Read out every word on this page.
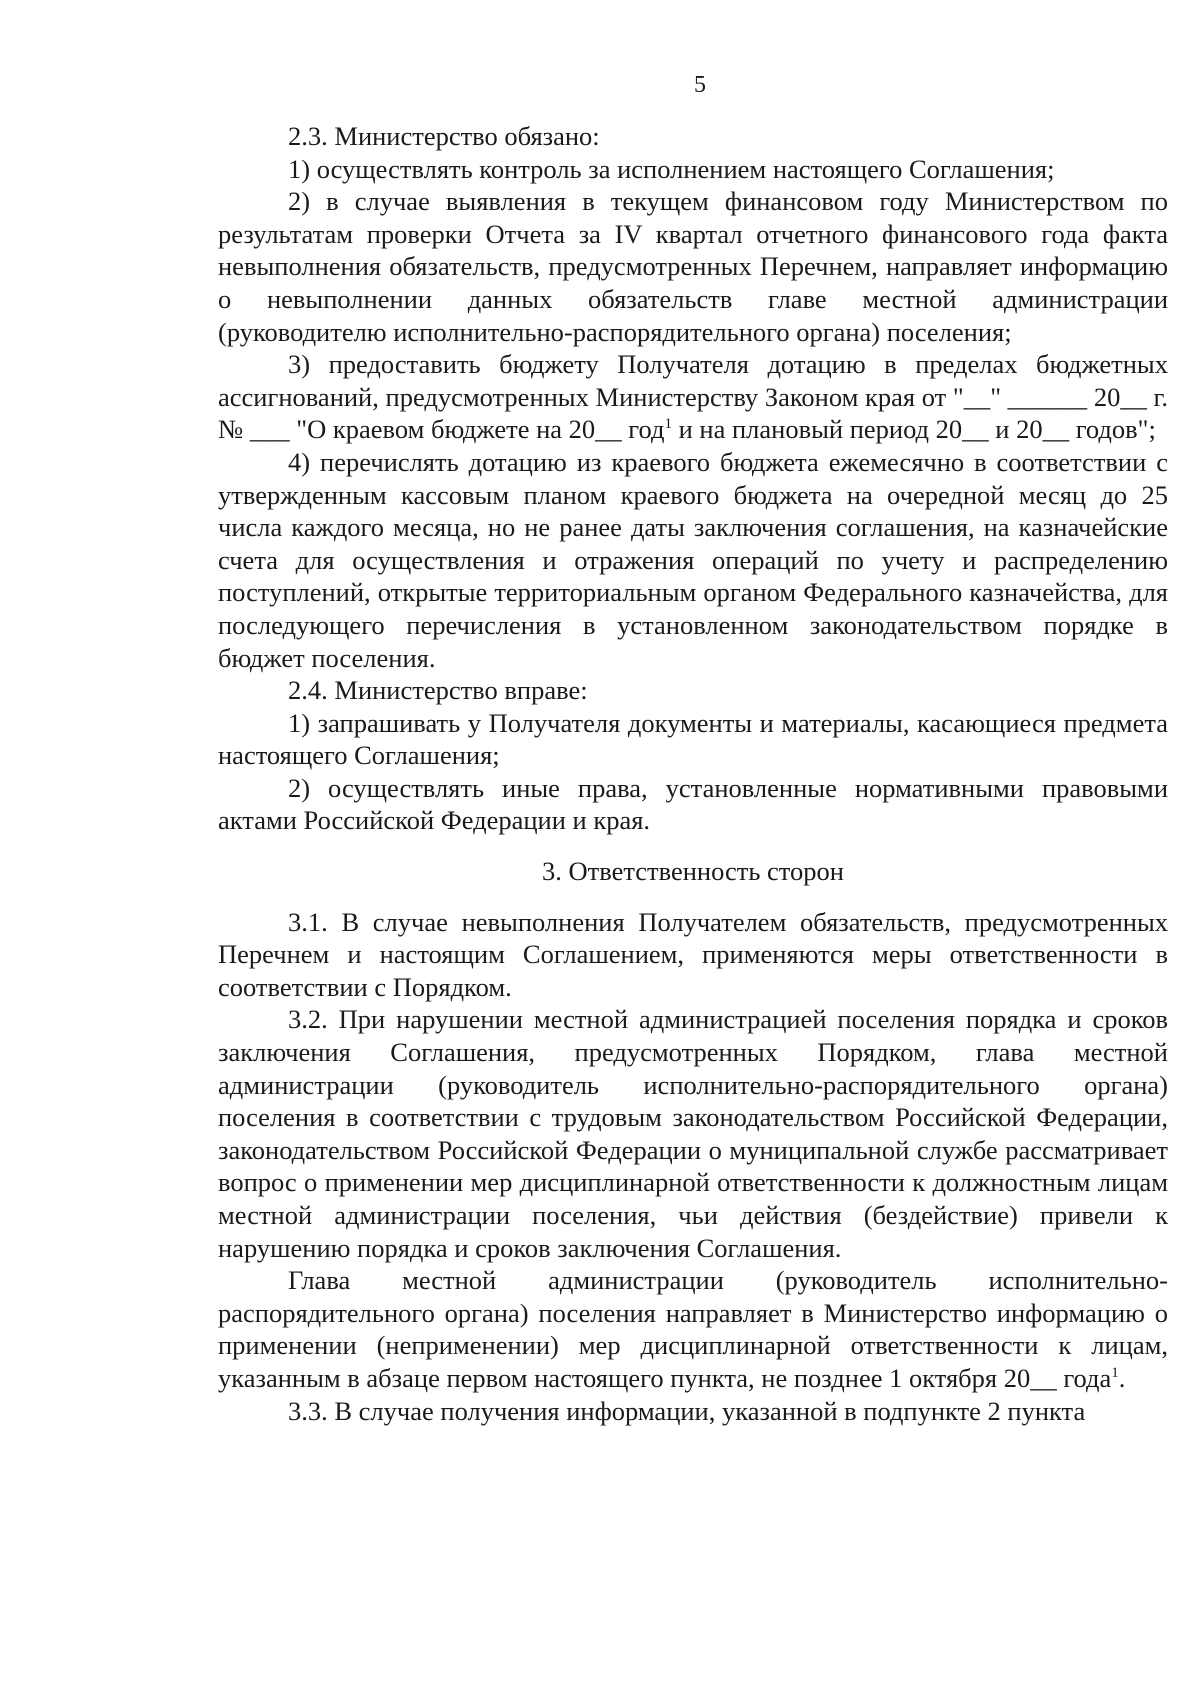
5

2.3. Министерство обязано:

1) осуществлять контроль за исполнением настоящего Соглашения;

2) в случае выявления в текущем финансовом году Министерством по результатам проверки Отчета за IV квартал отчетного финансового года факта невыполнения обязательств, предусмотренных Перечнем, направляет информацию о невыполнении данных обязательств главе местной администрации (руководителю исполнительно-распорядительного органа) поселения;

3) предоставить бюджету Получателя дотацию в пределах бюджетных ассигнований, предусмотренных Министерству Законом края от "__" ______ 20__ г. № ___ "О краевом бюджете на 20__ год$^1$ и на плановый период 20__ и 20__ годов";

4) перечислять дотацию из краевого бюджета ежемесячно в соответствии с утвержденным кассовым планом краевого бюджета на очередной месяц до 25 числа каждого месяца, но не ранее даты заключения соглашения, на казначейские счета для осуществления и отражения операций по учету и распределению поступлений, открытые территориальным органом Федерального казначейства, для последующего перечисления в установленном законодательством порядке в бюджет поселения.

2.4. Министерство вправе:

1) запрашивать у Получателя документы и материалы, касающиеся предмета настоящего Соглашения;

2) осуществлять иные права, установленные нормативными правовыми актами Российской Федерации и края.

3. Ответственность сторон

3.1. В случае невыполнения Получателем обязательств, предусмотренных Перечнем и настоящим Соглашением, применяются меры ответственности в соответствии с Порядком.

3.2. При нарушении местной администрацией поселения порядка и сроков заключения Соглашения, предусмотренных Порядком, глава местной администрации (руководитель исполнительно-распорядительного органа) поселения в соответствии с трудовым законодательством Российской Федерации, законодательством Российской Федерации о муниципальной службе рассматривает вопрос о применении мер дисциплинарной ответственности к должностным лицам местной администрации поселения, чьи действия (бездействие) привели к нарушению порядка и сроков заключения Соглашения.

Глава местной администрации (руководитель исполнительно-распорядительного органа) поселения направляет в Министерство информацию о применении (неприменении) мер дисциплинарной ответственности к лицам, указанным в абзаце первом настоящего пункта, не позднее 1 октября 20__ года$^1$.

3.3. В случае получения информации, указанной в подпункте 2 пункта
